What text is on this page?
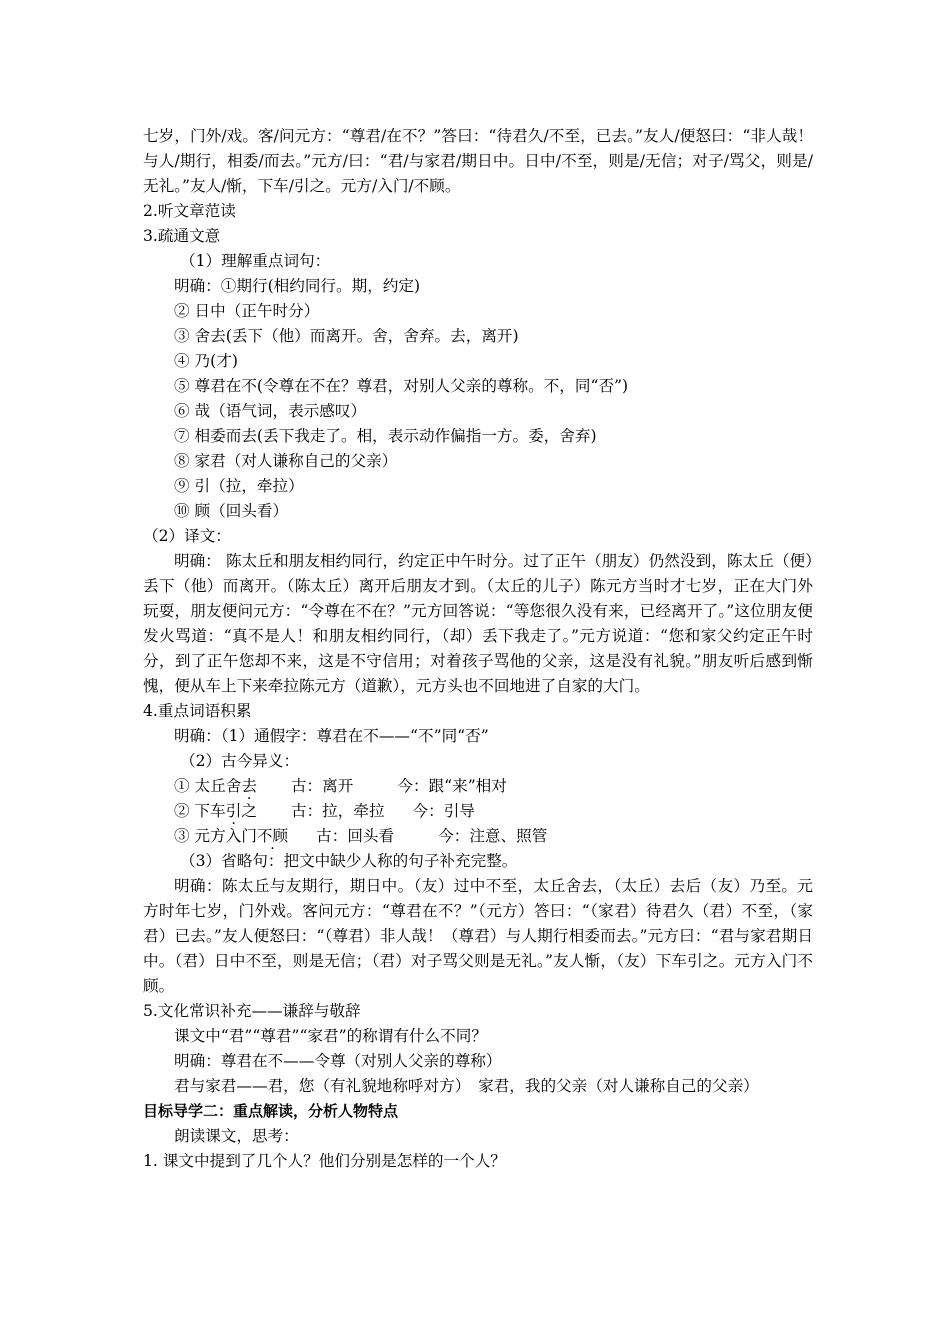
七岁，门外/戏。客/问元方：“尊君/在不？”答曰：“待君久/不至，已去。”友人/便怒曰：“非人哉！与人/期行，相委/而去。”元方/曰：“君/与家君/期日中。日中/不至，则是/无信；对子/骂父，则是/无礼。”友人/惭，下车/引之。元方/入门/不顾。

2.听文章范读

3.疏通文意

（1）理解重点词句：

明确：①期行(相约同行。期，约定)

② 日中（正午时分）

③ 舍去(丢下（他）而离开。舍，舍弃。去，离开)

④ 乃(才)

⑤ 尊君在不(令尊在不在？尊君，对别人父亲的尊称。不，同“否”)

⑥ 哉（语气词，表示感叹）

⑦ 相委而去(丢下我走了。相，表示动作偏指一方。委，舍弃)

⑧ 家君（对人谦称自己的父亲）

⑨ 引（拉，牵拉）

⑩ 顾（回头看）

（2）译文：

明确： 陈太丘和朋友相约同行，约定正中午时分。过了正午（朋友）仍然没到，陈太丘（便）丢下（他）而离开。（陈太丘）离开后朋友才到。（太丘的儿子）陈元方当时才七岁，正在大门外玩耍，朋友便问元方：“令尊在不在？”元方回答说：“等您很久没有来，已经离开了。”这位朋友便发火骂道：“真不是人！和朋友相约同行，（却）丢下我走了。”元方说道：“您和家父约定正午时分，到了正午您却不来，这是不守信用；对着孩子骂他的父亲，这是没有礼貌。”朋友听后感到惭愧，便从车上下来牵拉陈元方（道歉），元方头也不回地进了自家的大门。

4.重点词语积累

明确：（1）通假字：尊君在不——“不”同“否”

（2）古今异义：

① 太丘舍去 古：离开	今：跟“来”相对

② 下车引之 古：拉，牵拉 今：引导

③ 元方入门不顾 古：回头看	今：注意、照管

（3）省略句：把文中缺少人称的句子补充完整。

明确：陈太丘与友期行，期日中。（友）过中不至，太丘舍去，（太丘）去后（友）乃至。元方时年七岁，门外戏。客问元方：“尊君在不？”（元方）答曰：“（家君）待君久（君）不至，（家君）已去。”友人便怒曰：“（尊君）非人哉！（尊君）与人期行相委而去。”元方曰：“君与家君期日中。（君）日中不至，则是无信；（君）对子骂父则是无礼。”友人惭，（友）下车引之。元方入门不顾。

5.文化常识补充——谦辞与敬辞

课文中“君”“尊君”“家君”的称谓有什么不同？

明确：尊君在不——令尊（对别人父亲的尊称）

君与家君——君，您（有礼貌地称呼对方）　家君，我的父亲（对人谦称自己的父亲）

目标导学二：重点解读，分析人物特点

朗读课文，思考：

1. 课文中提到了几个人？他们分别是怎样的一个人？
